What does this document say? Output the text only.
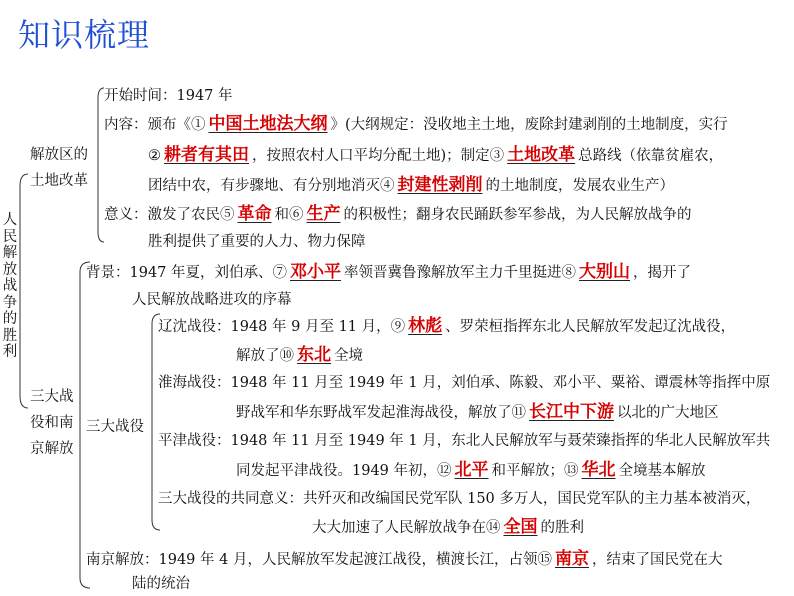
知识梳理
人民解放战争的胜利
解放区的
土地改革
开始时间：1947 年
内容：颁布《① 中国土地法大纲 》(大纲规定：没收地主土地，废除封建剥削的土地制度，实行
② 耕者有其田 ，按照农村人口平均分配土地)；制定③ 土地改革 总路线（依靠贫雇农，
团结中农，有步骤地、有分别地消灭④ 封建性剥削 的土地制度，发展农业生产）
意义：激发了农民⑤ 革命 和⑥ 生产 的积极性；翻身农民踊跃参军参战，为人民解放战争的
胜利提供了重要的人力、物力保障
三大战
役和南
京解放
背景：1947 年夏，刘伯承、⑦ 邓小平 率领晋冀鲁豫解放军主力千里挺进⑧ 大别山 ，揭开了
人民解放战略进攻的序幕
三大战役
辽沈战役：1948 年 9 月至 11 月，⑨ 林彪 、罗荣桓指挥东北人民解放军发起辽沈战役，
解放了⑩ 东北 全境
淮海战役：1948 年 11 月至 1949 年 1 月，刘伯承、陈毅、邓小平、粟裕、谭震林等指挥中原
野战军和华东野战军发起淮海战役，解放了⑪ 长江中下游 以北的广大地区
平津战役：1948 年 11 月至 1949 年 1 月，东北人民解放军与聂荣臻指挥的华北人民解放军共
同发起平津战役。1949 年初，⑫ 北平 和平解放；⑬ 华北 全境基本解放
三大战役的共同意义：共歼灭和改编国民党军队 150 多万人，国民党军队的主力基本被消灭，
大大加速了人民解放战争在⑭ 全国 的胜利
南京解放：1949 年 4 月，人民解放军发起渡江战役，横渡长江，占领⑮ 南京 ，结束了国民党在大
陆的统治
